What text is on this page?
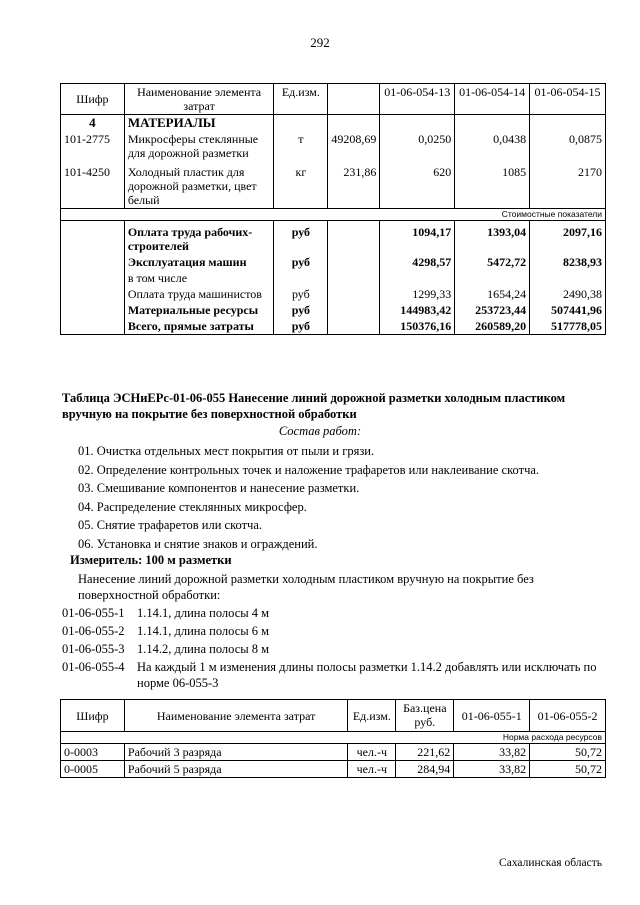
292
Шифр	Наименование элемента затрат	Ед.изм.		01-06-054-13	01-06-054-14	01-06-054-15
4	МАТЕРИАЛЫ					
101-2775	Микросферы стеклянные для дорожной разметки	т	49208,69	0,0250	0,0438	0,0875
101-4250	Холодный пластик для дорожной разметки, цвет белый	кг	231,86	620	1085	2170
Стоимостные показатели						
	Оплата труда рабочих-строителей	руб		1094,17	1393,04	2097,16
	Эксплуатация машин	руб		4298,57	5472,72	8238,93
	в том числе					
	Оплата труда машинистов	руб		1299,33	1654,24	2490,38
	Материальные ресурсы	руб		144983,42	253723,44	507441,96
	Всего, прямые затраты	руб		150376,16	260589,20	517778,05
Таблица ЭСНиЕРс-01-06-055 Нанесение линий дорожной разметки холодным пластиком вручную на покрытие без поверхностной обработки
Состав работ:
01. Очистка отдельных мест покрытия от пыли и грязи.
02. Определение контрольных точек и наложение трафаретов или наклеивание скотча.
03. Смешивание компонентов и нанесение разметки.
04. Распределение стеклянных микросфер.
05. Снятие трафаретов или скотча.
06. Установка и снятие знаков и ограждений.
Измеритель: 100 м разметки
Нанесение линий дорожной разметки холодным пластиком вручную на покрытие без поверхностной обработки:
01-06-055-1 1.14.1, длина полосы 4 м
01-06-055-2 1.14.1, длина полосы 6 м
01-06-055-3 1.14.2, длина полосы 8 м
01-06-055-4 На каждый 1 м изменения длины полосы разметки 1.14.2 добавлять или исключать по норме 06-055-3
Шифр	Наименование элемента затрат	Ед.изм.	Баз.цена руб.	01-06-055-1	01-06-055-2
Норма расхода ресурсов					
0-0003	Рабочий 3 разряда	чел.-ч	221,62	33,82	50,72
0-0005	Рабочий 5 разряда	чел.-ч	284,94	33,82	50,72
Сахалинская область
